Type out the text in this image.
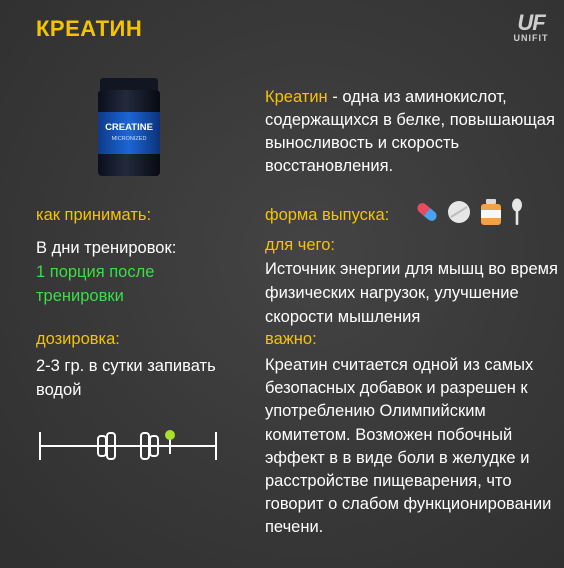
КРЕАТИН	UF
UNIFIT
CREATINE
MICRONIZED
Креатин - одна из аминокислот, содержащихся в белке, повышающая выносливость и скорость восстановления.
как принимать:
В дни тренировок:
1 порция после тренировки
дозировка:
2-3 гр. в сутки запивать водой
форма выпуска:
для чего:
Источник энергии для мышц во время физических нагрузок, улучшение скорости мышления
важно:
Креатин считается одной из самых безопасных добавок и разрешен к употреблению Олимпийским комитетом. Возможен побочный эффект в в виде боли в желудке и расстройстве пищеварения, что говорит о слабом функционировании печени.
